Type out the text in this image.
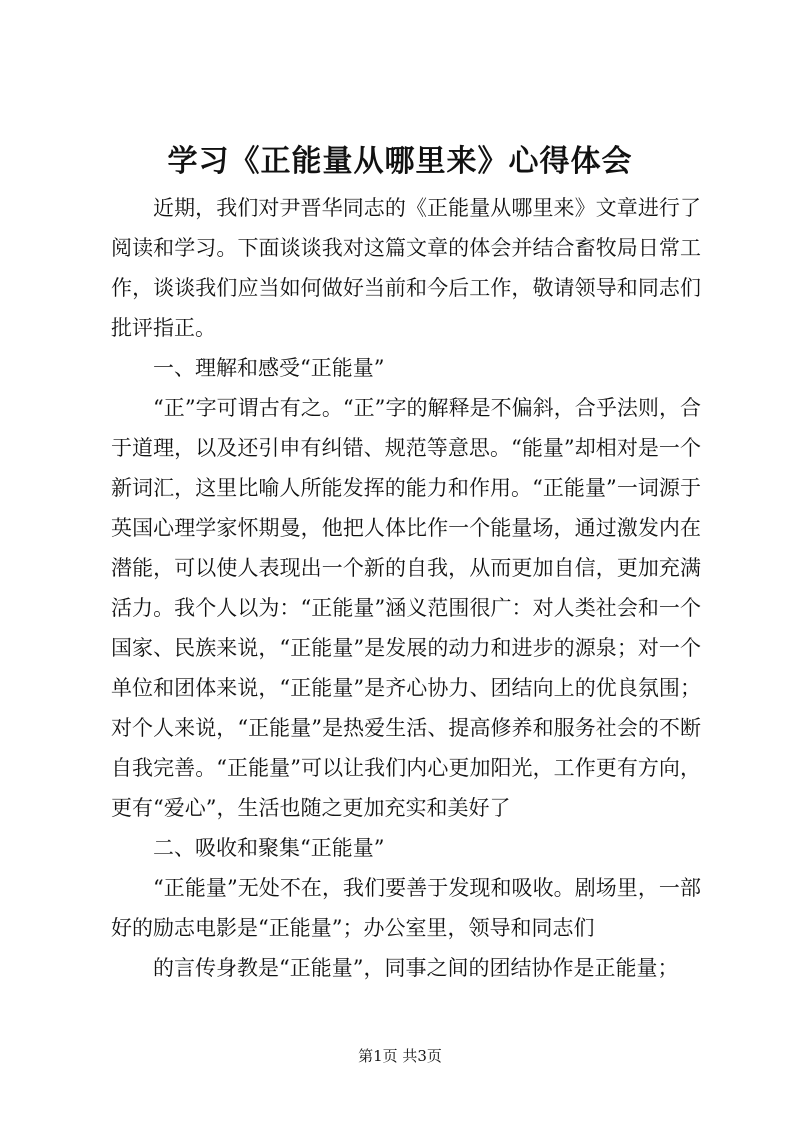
学习《正能量从哪里来》心得体会

近期，我们对尹晋华同志的《正能量从哪里来》文章进行了阅读和学习。下面谈谈我对这篇文章的体会并结合畜牧局日常工作，谈谈我们应当如何做好当前和今后工作，敬请领导和同志们批评指正。

一、理解和感受“正能量”

“正”字可谓古有之。“正”字的解释是不偏斜，合乎法则，合于道理，以及还引申有纠错、规范等意思。“能量”却相对是一个新词汇，这里比喻人所能发挥的能力和作用。“正能量”一词源于英国心理学家怀期曼，他把人体比作一个能量场，通过激发内在潜能，可以使人表现出一个新的自我，从而更加自信，更加充满活力。我个人以为：“正能量”涵义范围很广：对人类社会和一个国家、民族来说，“正能量”是发展的动力和进步的源泉；对一个单位和团体来说，“正能量”是齐心协力、团结向上的优良氛围；对个人来说，“正能量”是热爱生活、提高修养和服务社会的不断自我完善。“正能量”可以让我们内心更加阳光，工作更有方向，更有“爱心”，生活也随之更加充实和美好了

二、吸收和聚集“正能量”

“正能量”无处不在，我们要善于发现和吸收。剧场里，一部好的励志电影是“正能量”；办公室里，领导和同志们

的言传身教是“正能量”，同事之间的团结协作是正能量；

第1页 共3页
